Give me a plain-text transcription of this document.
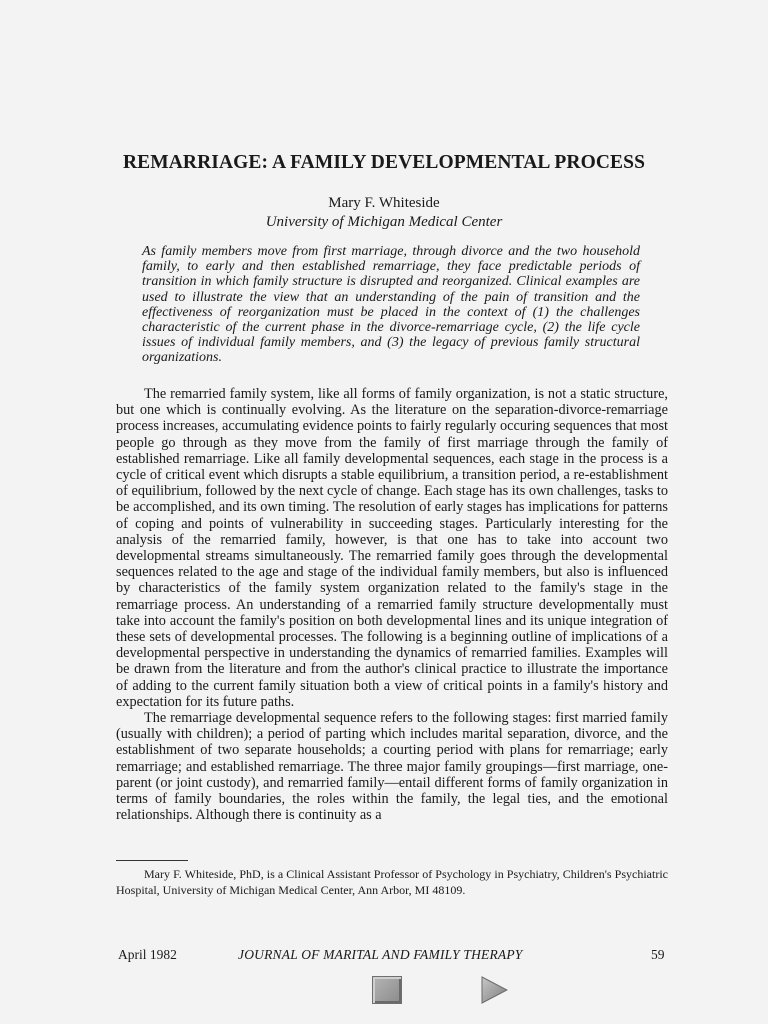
REMARRIAGE: A FAMILY DEVELOPMENTAL PROCESS
Mary F. Whiteside
University of Michigan Medical Center
As family members move from first marriage, through divorce and the two household family, to early and then established remarriage, they face predictable periods of transition in which family structure is disrupted and reorganized. Clinical examples are used to illustrate the view that an understanding of the pain of transition and the effectiveness of reorganization must be placed in the context of (1) the challenges characteristic of the current phase in the divorce-remarriage cycle, (2) the life cycle issues of individual family members, and (3) the legacy of previous family structural organizations.

The remarried family system, like all forms of family organization, is not a static structure, but one which is continually evolving. As the literature on the separation-divorce-remarriage process increases, accumulating evidence points to fairly regularly occuring sequences that most people go through as they move from the family of first marriage through the family of established remarriage. Like all family developmental sequences, each stage in the process is a cycle of critical event which disrupts a stable equilibrium, a transition period, a re-establishment of equilibrium, followed by the next cycle of change. Each stage has its own challenges, tasks to be accomplished, and its own timing. The resolution of early stages has implications for patterns of coping and points of vulnerability in succeeding stages. Particularly interesting for the analysis of the remarried family, however, is that one has to take into account two developmental streams simultaneously. The remarried family goes through the developmental sequences related to the age and stage of the individual family members, but also is influenced by characteristics of the family system organization related to the family's stage in the remarriage process. An understanding of a remarried family structure developmentally must take into account the family's position on both developmental lines and its unique integration of these sets of developmental processes. The following is a beginning outline of implications of a developmental perspective in understanding the dynamics of remarried families. Examples will be drawn from the literature and from the author's clinical practice to illustrate the importance of adding to the current family situation both a view of critical points in a family's history and expectation for its future paths.

The remarriage developmental sequence refers to the following stages: first married family (usually with children); a period of parting which includes marital separation, divorce, and the establishment of two separate households; a courting period with plans for remarriage; early remarriage; and established remarriage. The three major family groupings—first marriage, one-parent (or joint custody), and remarried family—entail different forms of family organization in terms of family boundaries, the roles within the family, the legal ties, and the emotional relationships. Although there is continuity as a

Mary F. Whiteside, PhD, is a Clinical Assistant Professor of Psychology in Psychiatry, Children's Psychiatric Hospital, University of Michigan Medical Center, Ann Arbor, MI 48109.
April 1982	JOURNAL OF MARITAL AND FAMILY THERAPY	59
